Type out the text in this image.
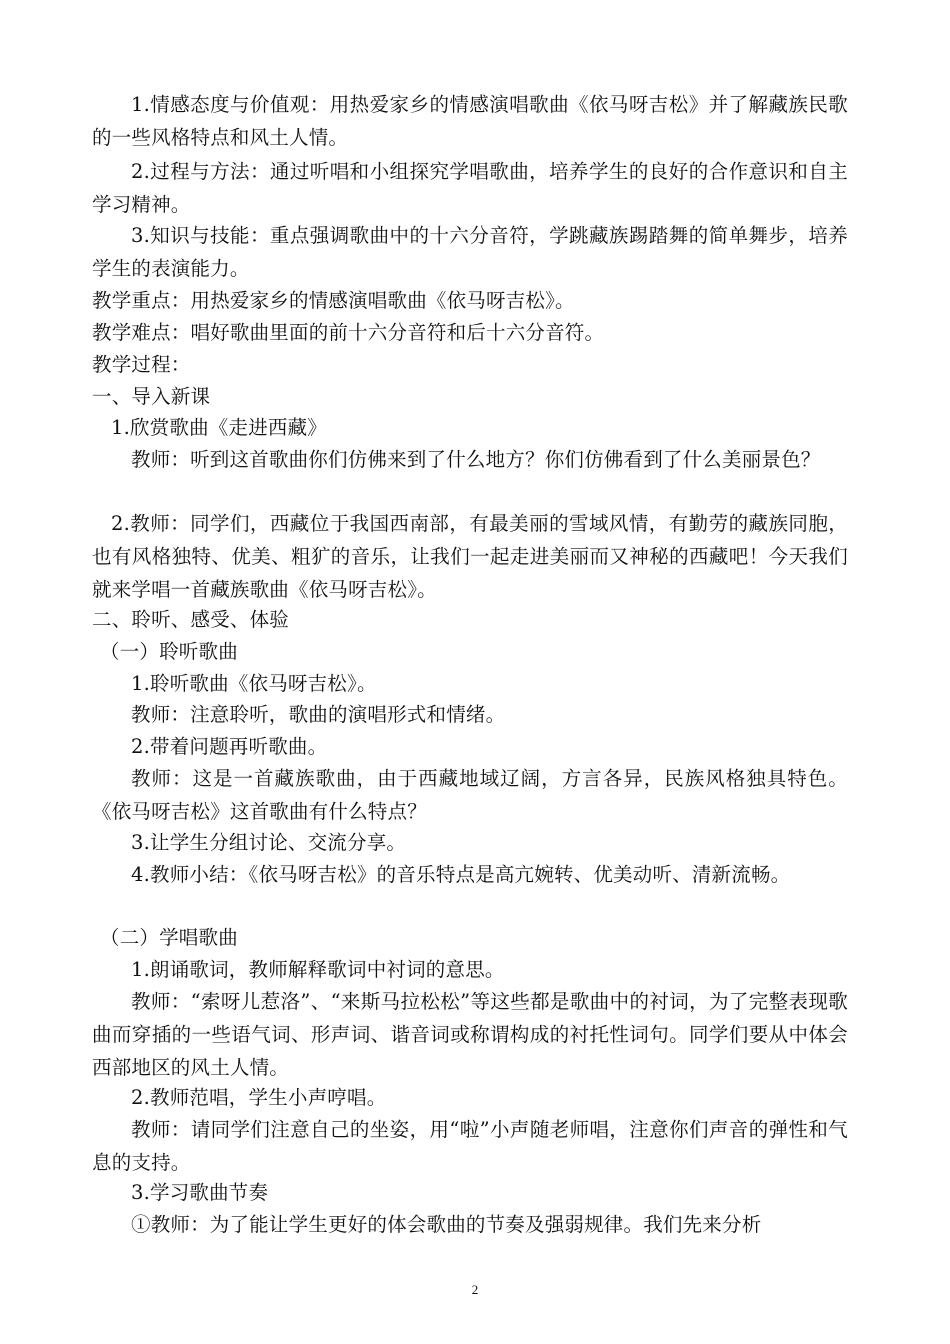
1.情感态度与价值观：用热爱家乡的情感演唱歌曲《依马呀吉松》并了解藏族民歌的一些风格特点和风土人情。
2.过程与方法：通过听唱和小组探究学唱歌曲，培养学生的良好的合作意识和自主学习精神。
3.知识与技能：重点强调歌曲中的十六分音符，学跳藏族踢踏舞的简单舞步，培养学生的表演能力。
教学重点：用热爱家乡的情感演唱歌曲《依马呀吉松》。
教学难点：唱好歌曲里面的前十六分音符和后十六分音符。
教学过程：
一、导入新课
1.欣赏歌曲《走进西藏》
教师：听到这首歌曲你们仿佛来到了什么地方？你们仿佛看到了什么美丽景色？
2.教师：同学们，西藏位于我国西南部，有最美丽的雪域风情，有勤劳的藏族同胞，也有风格独特、优美、粗犷的音乐，让我们一起走进美丽而又神秘的西藏吧！今天我们就来学唱一首藏族歌曲《依马呀吉松》。
二、聆听、感受、体验
（一）聆听歌曲
1.聆听歌曲《依马呀吉松》。
教师：注意聆听，歌曲的演唱形式和情绪。
2.带着问题再听歌曲。
教师：这是一首藏族歌曲，由于西藏地域辽阔，方言各异，民族风格独具特色。《依马呀吉松》这首歌曲有什么特点？
3.让学生分组讨论、交流分享。
4.教师小结：《依马呀吉松》的音乐特点是高亢婉转、优美动听、清新流畅。
（二）学唱歌曲
1.朗诵歌词，教师解释歌词中衬词的意思。
教师：“索呀儿惹洛”、“来斯马拉松松”等这些都是歌曲中的衬词，为了完整表现歌曲而穿插的一些语气词、形声词、谐音词或称谓构成的衬托性词句。同学们要从中体会西部地区的风土人情。
2.教师范唱，学生小声哼唱。
教师：请同学们注意自己的坐姿，用“啦”小声随老师唱，注意你们声音的弹性和气息的支持。
3.学习歌曲节奏
①教师：为了能让学生更好的体会歌曲的节奏及强弱规律。我们先来分析
2
